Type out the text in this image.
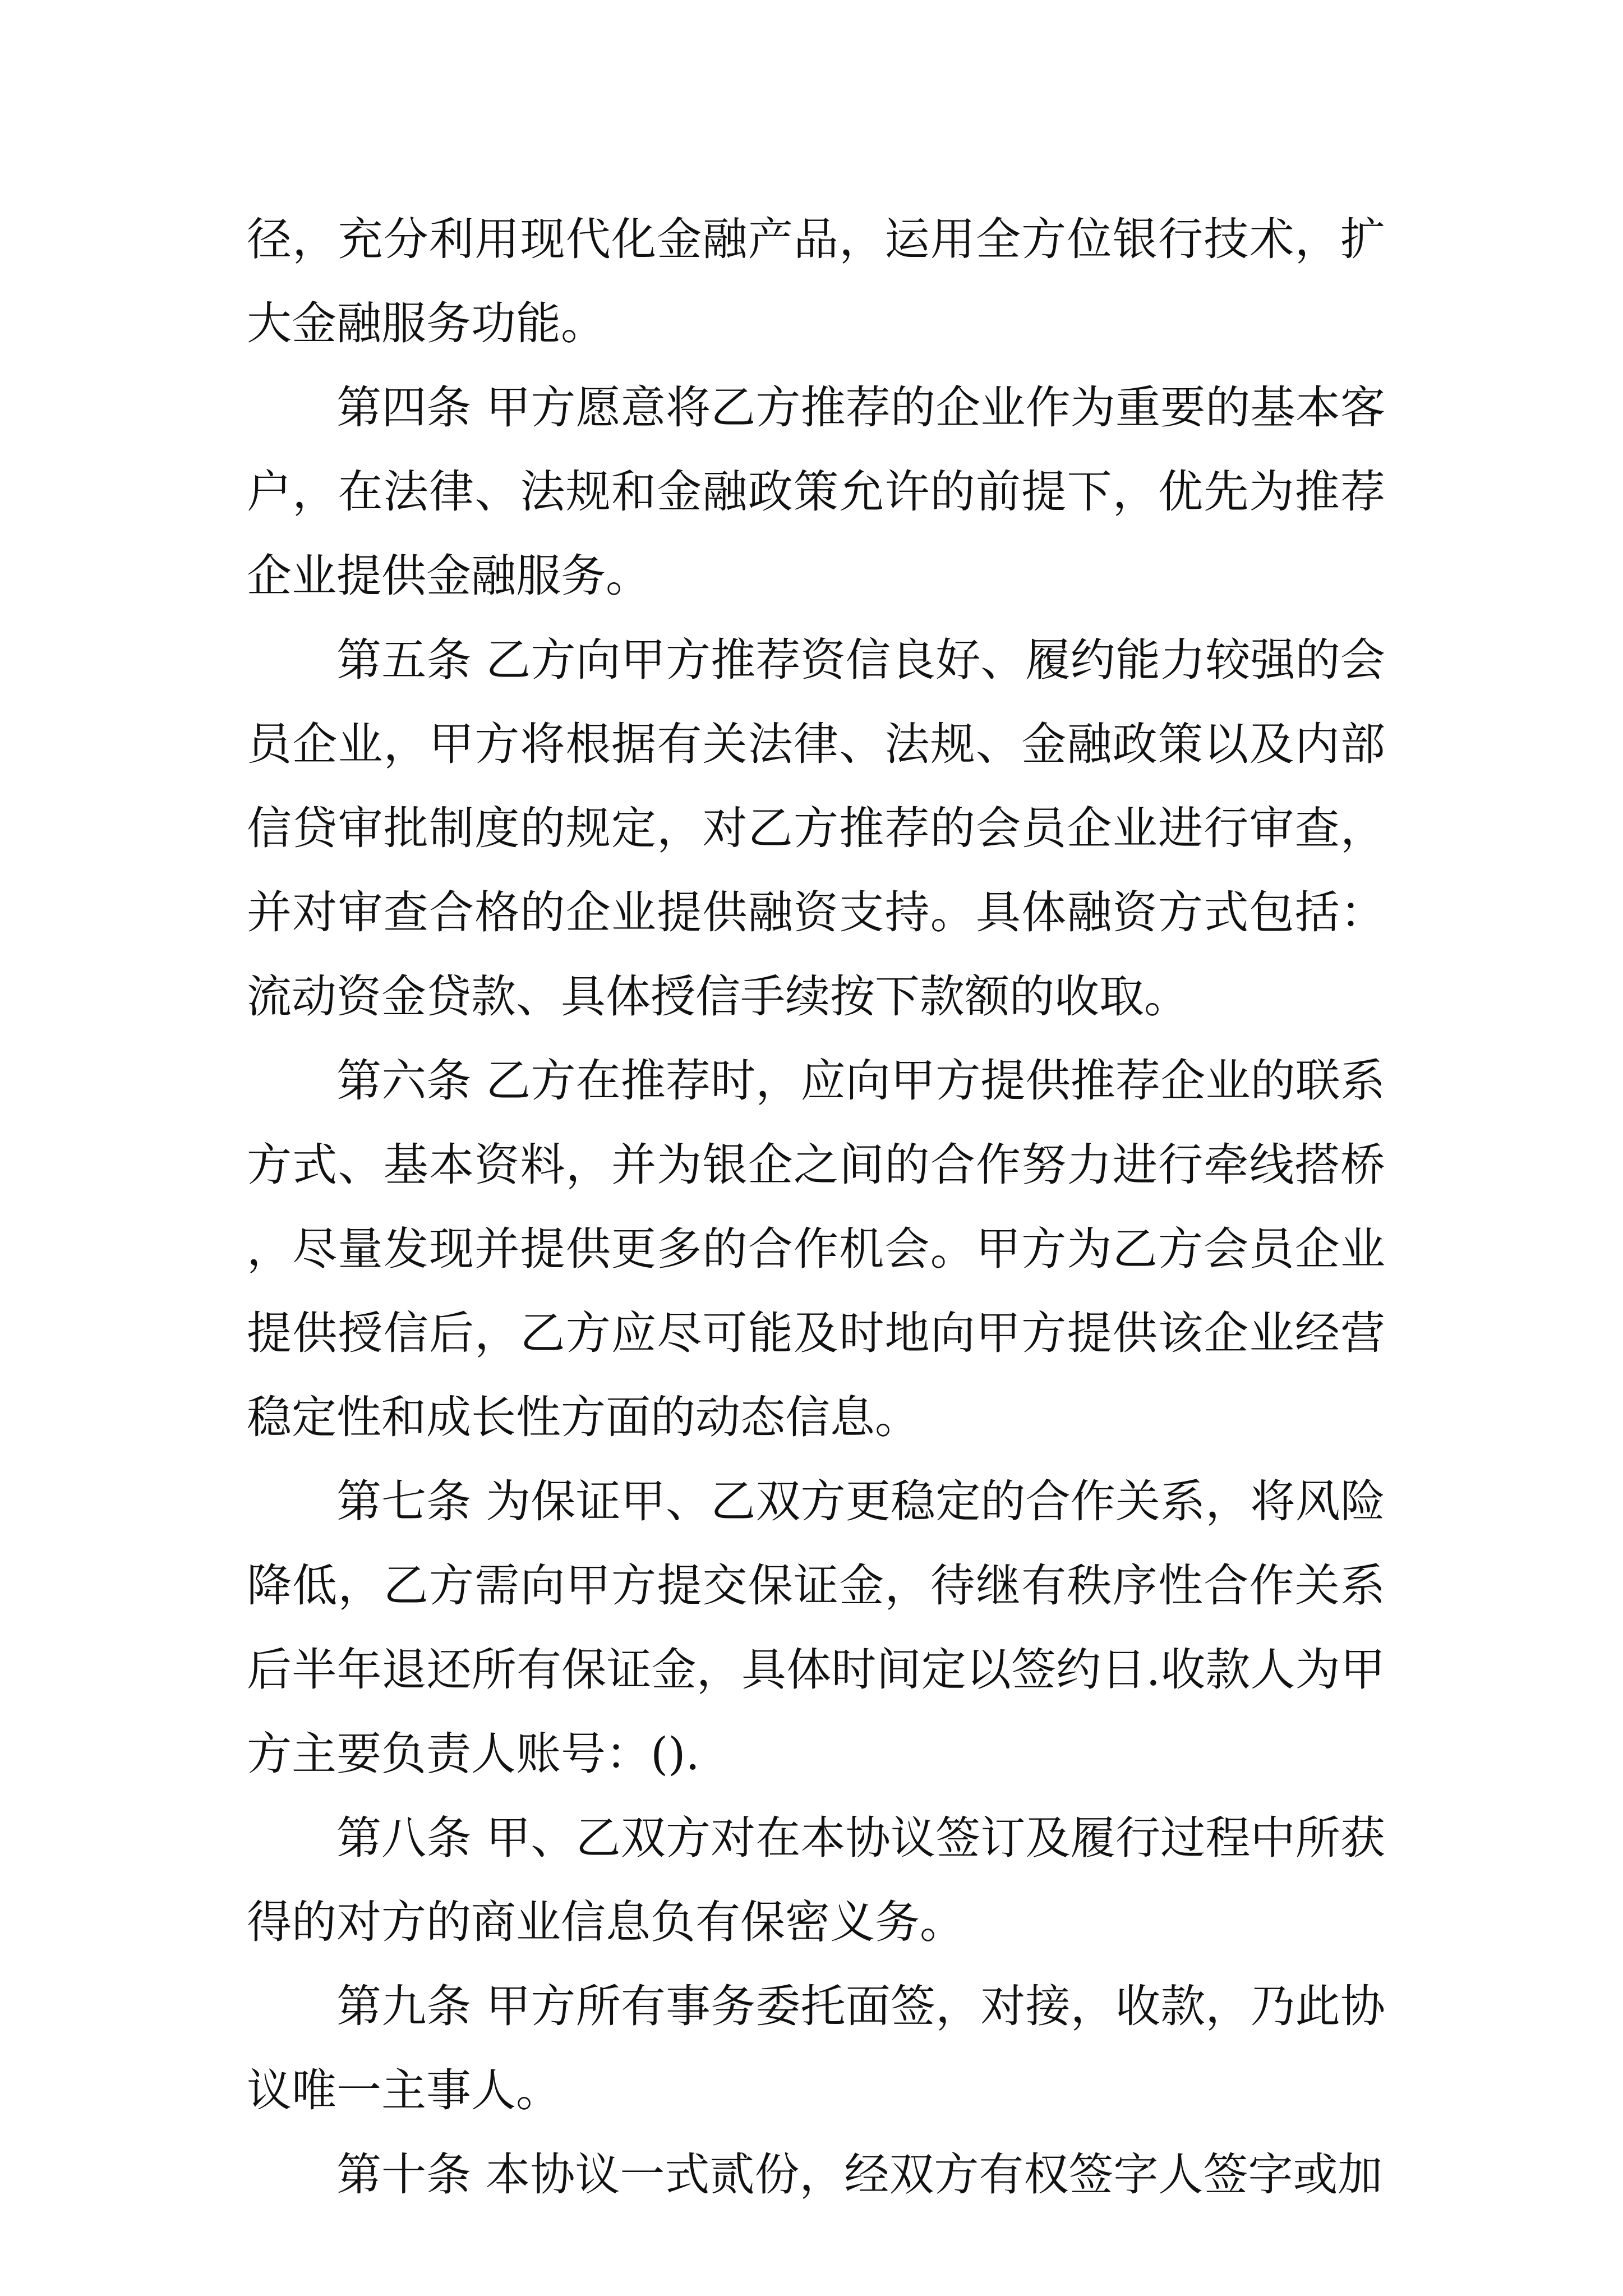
径，充分利用现代化金融产品，运用全方位银行技术，扩大金融服务功能。

第四条 甲方愿意将乙方推荐的企业作为重要的基本客户，在法律、法规和金融政策允许的前提下，优先为推荐企业提供金融服务。

第五条 乙方向甲方推荐资信良好、履约能力较强的会员企业，甲方将根据有关法律、法规、金融政策以及内部信贷审批制度的规定，对乙方推荐的会员企业进行审查，并对审查合格的企业提供融资支持。具体融资方式包括：流动资金贷款、具体授信手续按下款额的收取。

第六条 乙方在推荐时，应向甲方提供推荐企业的联系方式、基本资料，并为银企之间的合作努力进行牵线搭桥，尽量发现并提供更多的合作机会。甲方为乙方会员企业提供授信后，乙方应尽可能及时地向甲方提供该企业经营稳定性和成长性方面的动态信息。

第七条 为保证甲、乙双方更稳定的合作关系，将风险降低，乙方需向甲方提交保证金，待继有秩序性合作关系后半年退还所有保证金，具体时间定以签约日.收款人为甲方主要负责人账号：().

第八条 甲、乙双方对在本协议签订及履行过程中所获得的对方的商业信息负有保密义务。

第九条 甲方所有事务委托面签，对接，收款，乃此协议唯一主事人。

第十条 本协议一式贰份，经双方有权签字人签字或加
